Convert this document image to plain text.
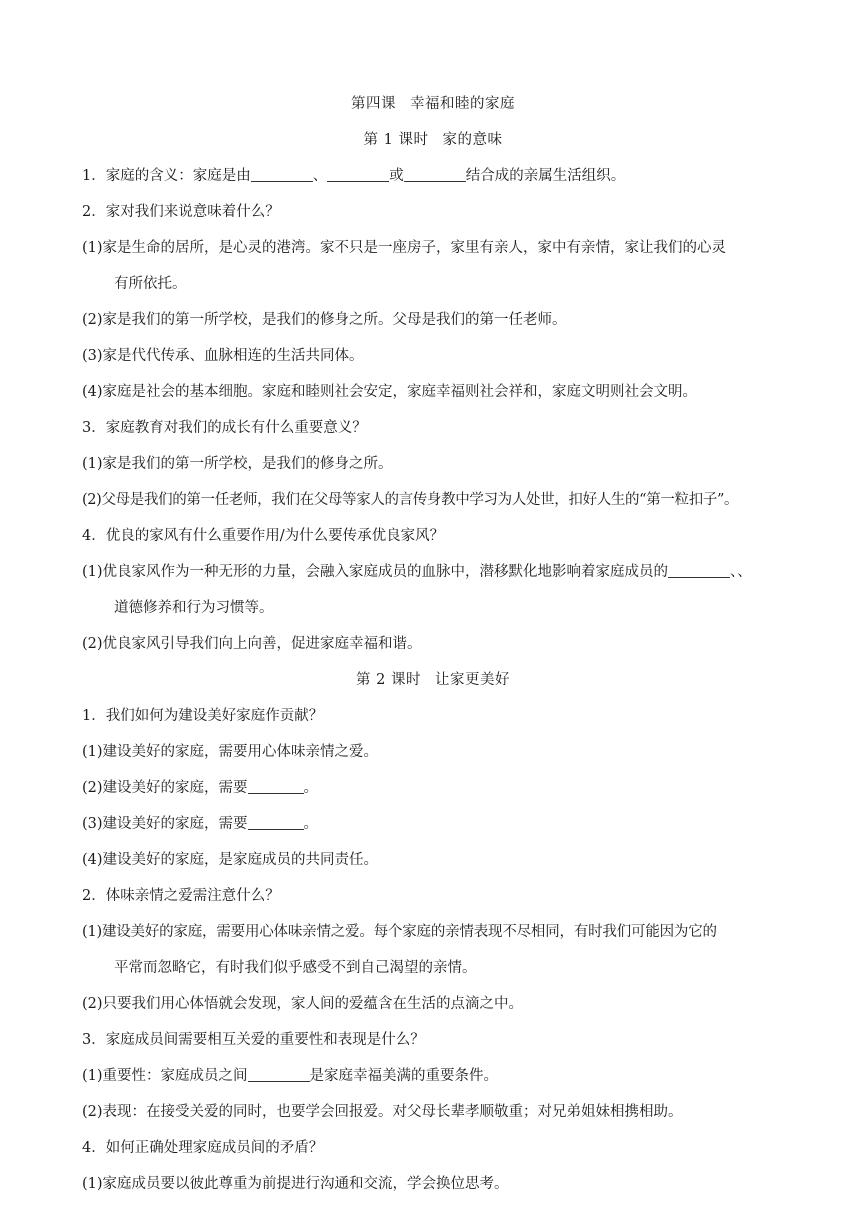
第四课 幸福和睦的家庭
第 1 课时 家的意味
1．家庭的含义：家庭是由	、	或	结合成的亲属生活组织。
2．家对我们来说意味着什么？
(1)家是生命的居所，是心灵的港湾。家不只是一座房子，家里有亲人，家中有亲情，家让我们的心灵
有所依托。
(2)家是我们的第一所学校，是我们的修身之所。父母是我们的第一任老师。
(3)家是代代传承、血脉相连的生活共同体。
(4)家庭是社会的基本细胞。家庭和睦则社会安定，家庭幸福则社会祥和，家庭文明则社会文明。
3．家庭教育对我们的成长有什么重要意义？
(1)家是我们的第一所学校，是我们的修身之所。
(2)父母是我们的第一任老师，我们在父母等家人的言传身教中学习为人处世，扣好人生的“第一粒扣子”。
4．优良的家风有什么重要作用/为什么要传承优良家风？
(1)优良家风作为一种无形的力量，会融入家庭成员的血脉中，潜移默化地影响着家庭成员的	、、
道德修养和行为习惯等。
(2)优良家风引导我们向上向善，促进家庭幸福和谐。
第 2 课时 让家更美好
1．我们如何为建设美好家庭作贡献？
(1)建设美好的家庭，需要用心体味亲情之爱。
(2)建设美好的家庭，需要	。
(3)建设美好的家庭，需要	。
(4)建设美好的家庭，是家庭成员的共同责任。
2．体味亲情之爱需注意什么？
(1)建设美好的家庭，需要用心体味亲情之爱。每个家庭的亲情表现不尽相同，有时我们可能因为它的
平常而忽略它，有时我们似乎感受不到自己渴望的亲情。
(2)只要我们用心体悟就会发现，家人间的爱蕴含在生活的点滴之中。
3．家庭成员间需要相互关爱的重要性和表现是什么？
(1)重要性：家庭成员之间	是家庭幸福美满的重要条件。
(2)表现：在接受关爱的同时，也要学会回报爱。对父母长辈孝顺敬重；对兄弟姐妹相携相助。
4．如何正确处理家庭成员间的矛盾？
(1)家庭成员要以彼此尊重为前提进行沟通和交流，学会换位思考。
